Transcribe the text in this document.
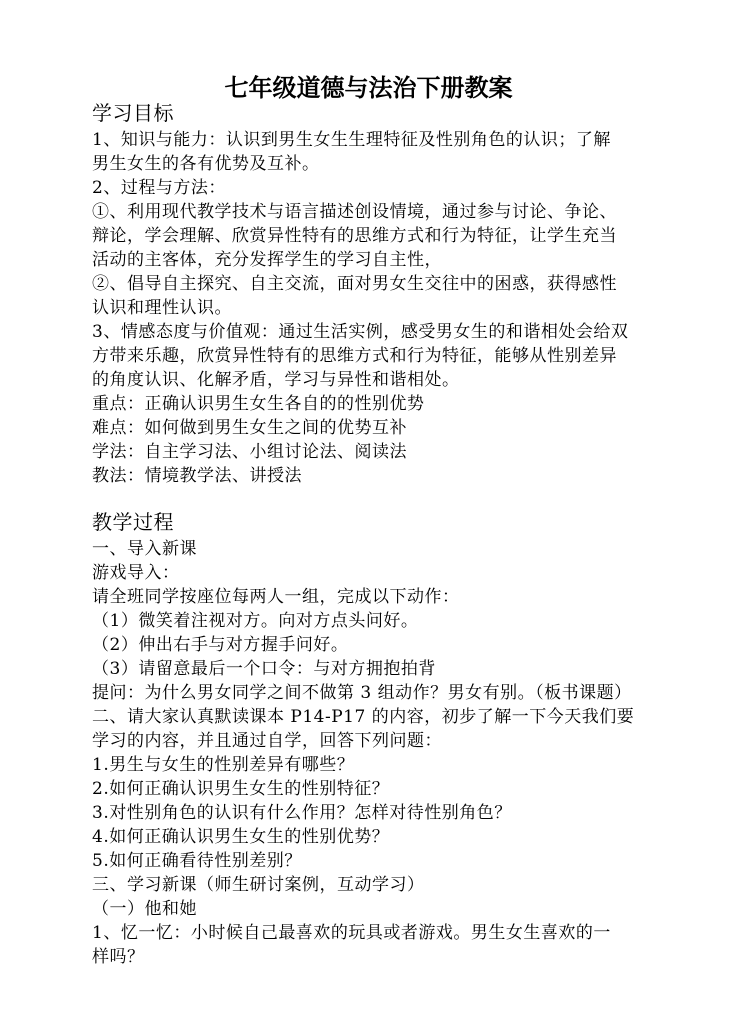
七年级道德与法治下册教案
学习目标
1、知识与能力：认识到男生女生生理特征及性别角色的认识；了解
男生女生的各有优势及互补。
2、过程与方法：
①、利用现代教学技术与语言描述创设情境，通过参与讨论、争论、
辩论，学会理解、欣赏异性特有的思维方式和行为特征，让学生充当
活动的主客体，充分发挥学生的学习自主性，
②、倡导自主探究、自主交流，面对男女生交往中的困惑，获得感性
认识和理性认识。
3、情感态度与价值观：通过生活实例，感受男女生的和谐相处会给双
方带来乐趣，欣赏异性特有的思维方式和行为特征，能够从性别差异
的角度认识、化解矛盾，学习与异性和谐相处。
重点：正确认识男生女生各自的的性别优势
难点：如何做到男生女生之间的优势互补
学法：自主学习法、小组讨论法、阅读法
教法：情境教学法、讲授法
教学过程
一、导入新课
游戏导入：
请全班同学按座位每两人一组，完成以下动作：
（1）微笑着注视对方。向对方点头问好。
（2）伸出右手与对方握手问好。
（3）请留意最后一个口令：与对方拥抱拍背
提问：为什么男女同学之间不做第 3 组动作？男女有别。（板书课题）
二、请大家认真默读课本 P14-P17 的内容，初步了解一下今天我们要
学习的内容，并且通过自学，回答下列问题：
1.男生与女生的性别差异有哪些？
2.如何正确认识男生女生的性别特征？
3.对性别角色的认识有什么作用？怎样对待性别角色？
4.如何正确认识男生女生的性别优势？
5.如何正确看待性别差别？
三、学习新课（师生研讨案例，互动学习）
（一）他和她
1、忆一忆：小时候自己最喜欢的玩具或者游戏。男生女生喜欢的一
样吗？
